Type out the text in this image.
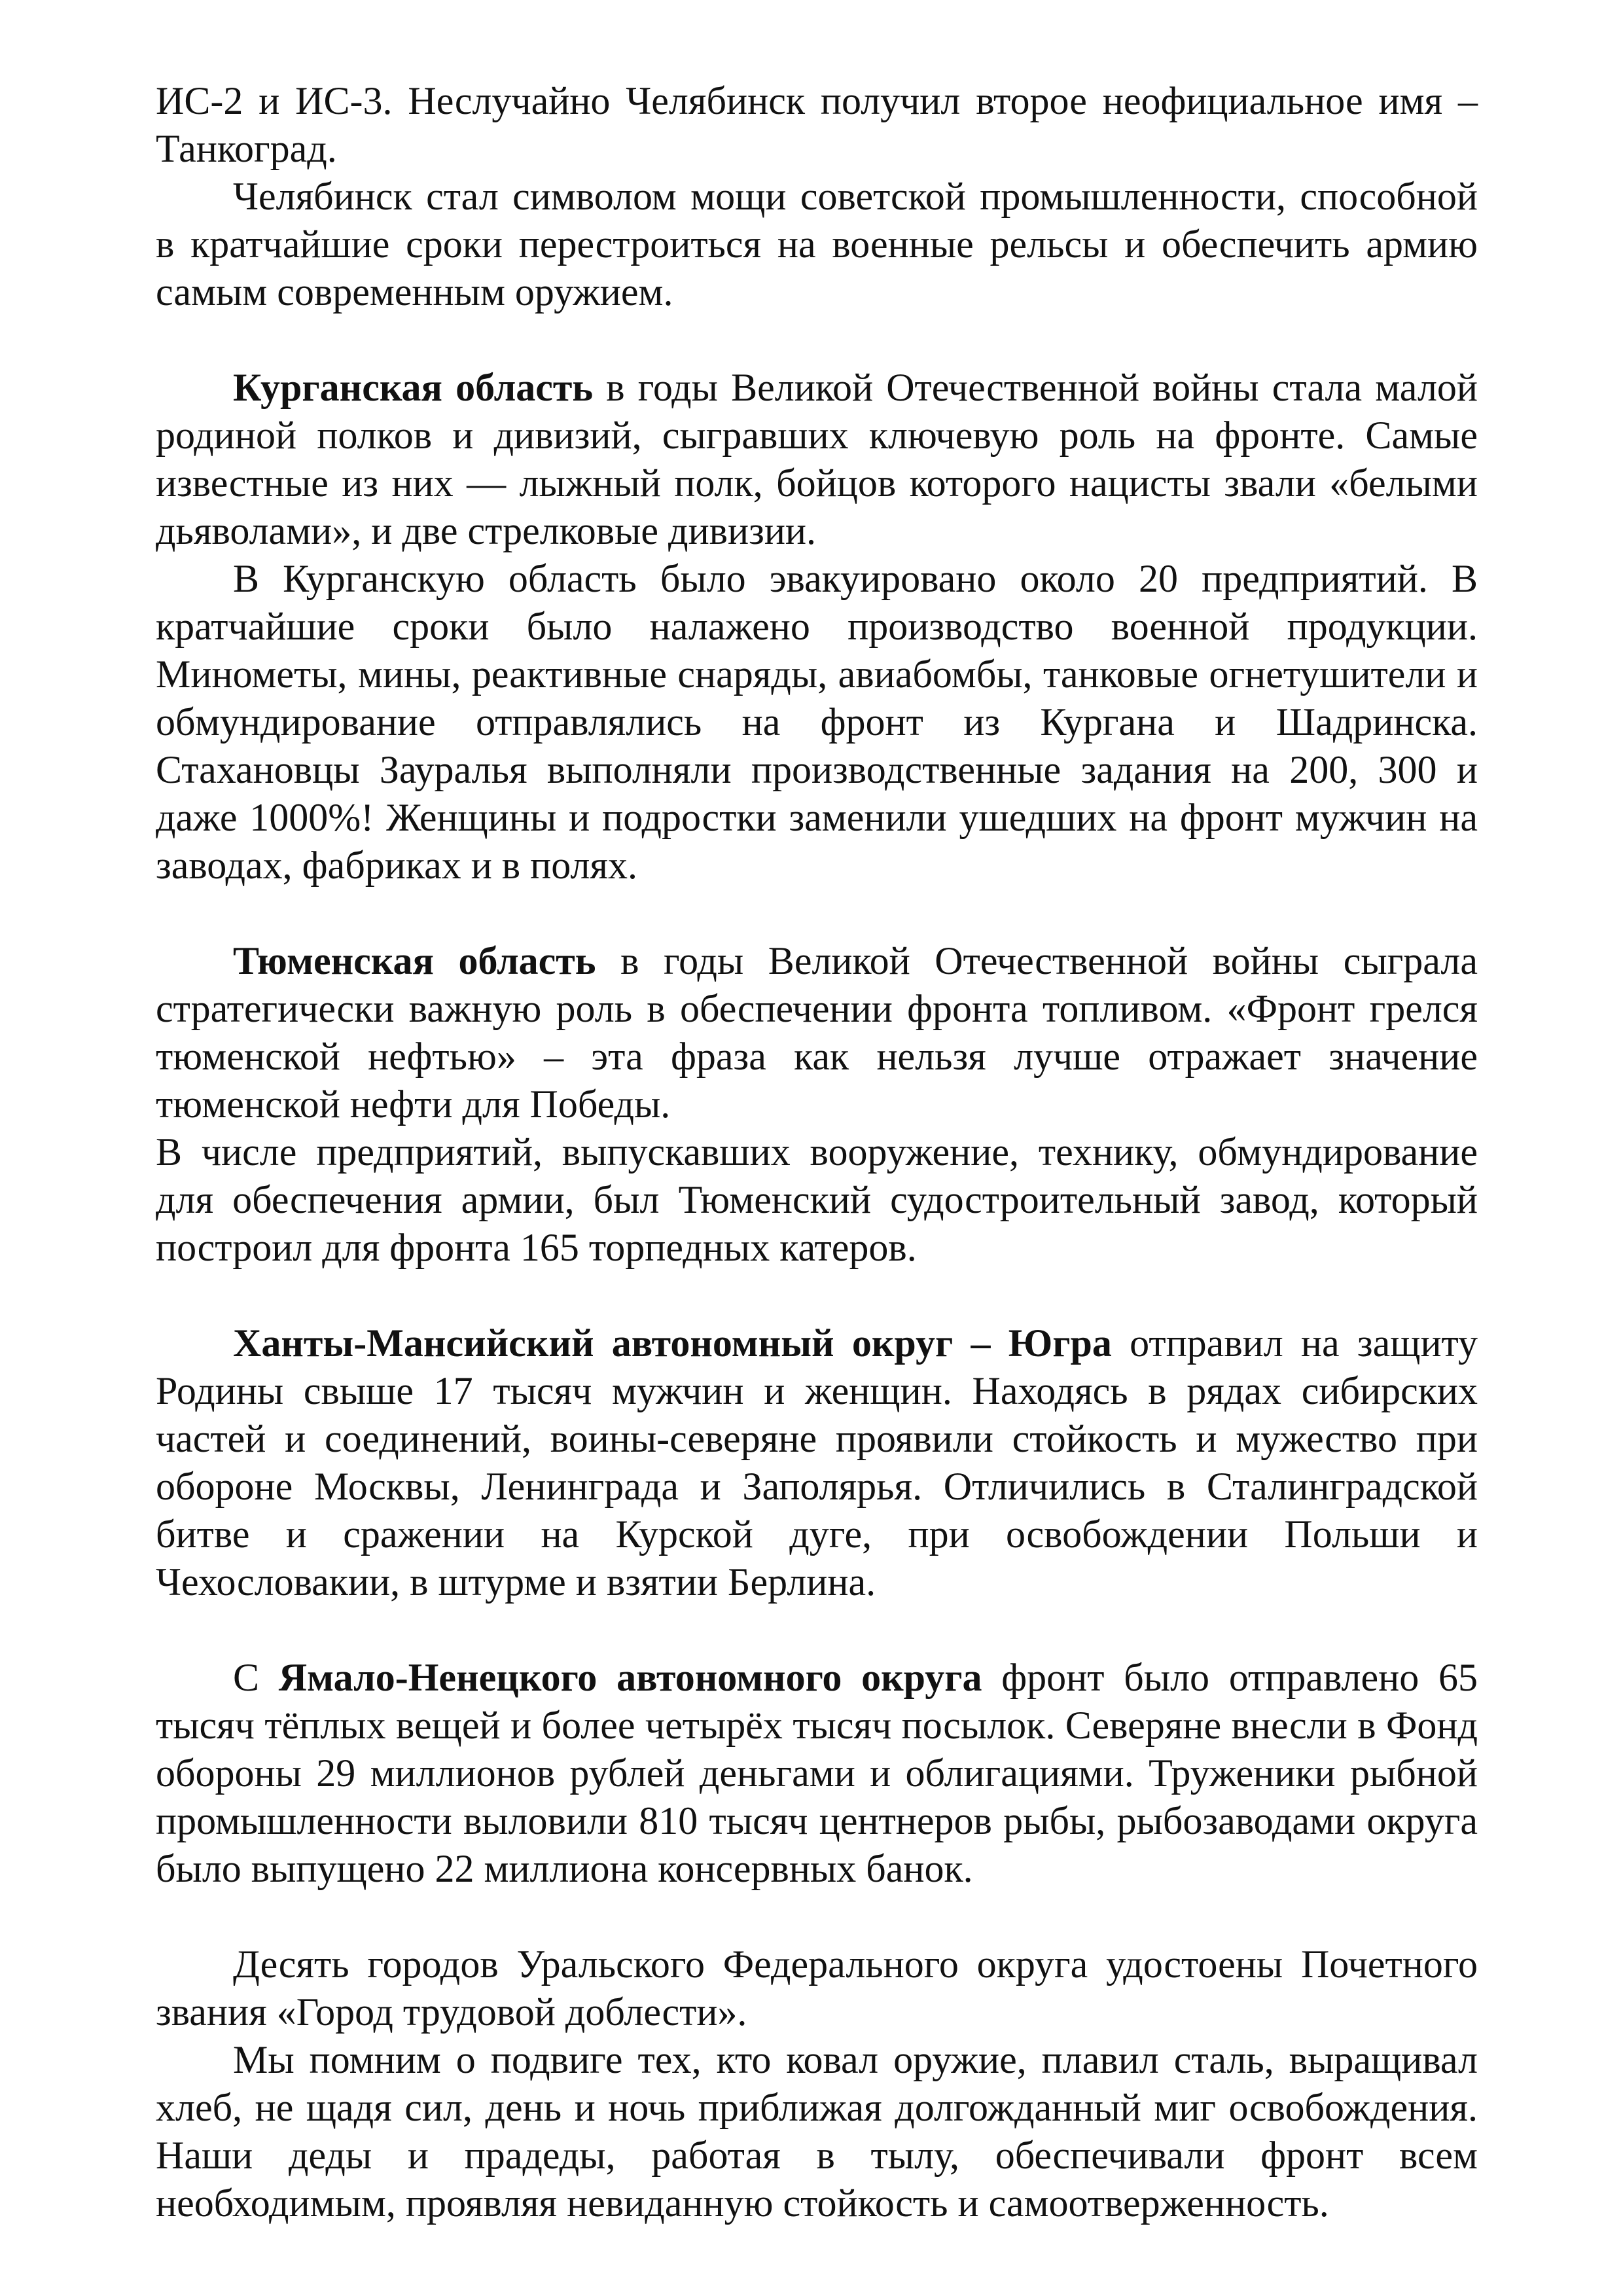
ИС-2 и ИС-3. Неслучайно Челябинск получил второе неофициальное имя – Танкоград.

Челябинск стал символом мощи советской промышленности, способной в кратчайшие сроки перестроиться на военные рельсы и обеспечить армию самым современным оружием.

Курганская область в годы Великой Отечественной войны стала малой родиной полков и дивизий, сыгравших ключевую роль на фронте. Самые известные из них — лыжный полк, бойцов которого нацисты звали «белыми дьяволами», и две стрелковые дивизии.

В Курганскую область было эвакуировано около 20 предприятий. В кратчайшие сроки было налажено производство военной продукции. Минометы, мины, реактивные снаряды, авиабомбы, танковые огнетушители и обмундирование отправлялись на фронт из Кургана и Шадринска. Стахановцы Зауралья выполняли производственные задания на 200, 300 и даже 1000%! Женщины и подростки заменили ушедших на фронт мужчин на заводах, фабриках и в полях.

Тюменская область в годы Великой Отечественной войны сыграла стратегически важную роль в обеспечении фронта топливом. «Фронт грелся тюменской нефтью» – эта фраза как нельзя лучше отражает значение тюменской нефти для Победы.

В числе предприятий, выпускавших вооружение, технику, обмундирование для обеспечения армии, был Тюменский судостроительный завод, который построил для фронта 165 торпедных катеров.

Ханты-Мансийский автономный округ – Югра отправил на защиту Родины свыше 17 тысяч мужчин и женщин. Находясь в рядах сибирских частей и соединений, воины-северяне проявили стойкость и мужество при обороне Москвы, Ленинграда и Заполярья. Отличились в Сталинградской битве и сражении на Курской дуге, при освобождении Польши и Чехословакии, в штурме и взятии Берлина.

С Ямало-Ненецкого автономного округа фронт было отправлено 65 тысяч тёплых вещей и более четырёх тысяч посылок. Северяне внесли в Фонд обороны 29 миллионов рублей деньгами и облигациями. Труженики рыбной промышленности выловили 810 тысяч центнеров рыбы, рыбозаводами округа было выпущено 22 миллиона консервных банок.

Десять городов Уральского Федерального округа удостоены Почетного звания «Город трудовой доблести».

Мы помним о подвиге тех, кто ковал оружие, плавил сталь, выращивал хлеб, не щадя сил, день и ночь приближая долгожданный миг освобождения. Наши деды и прадеды, работая в тылу, обеспечивали фронт всем необходимым, проявляя невиданную стойкость и самоотверженность.
